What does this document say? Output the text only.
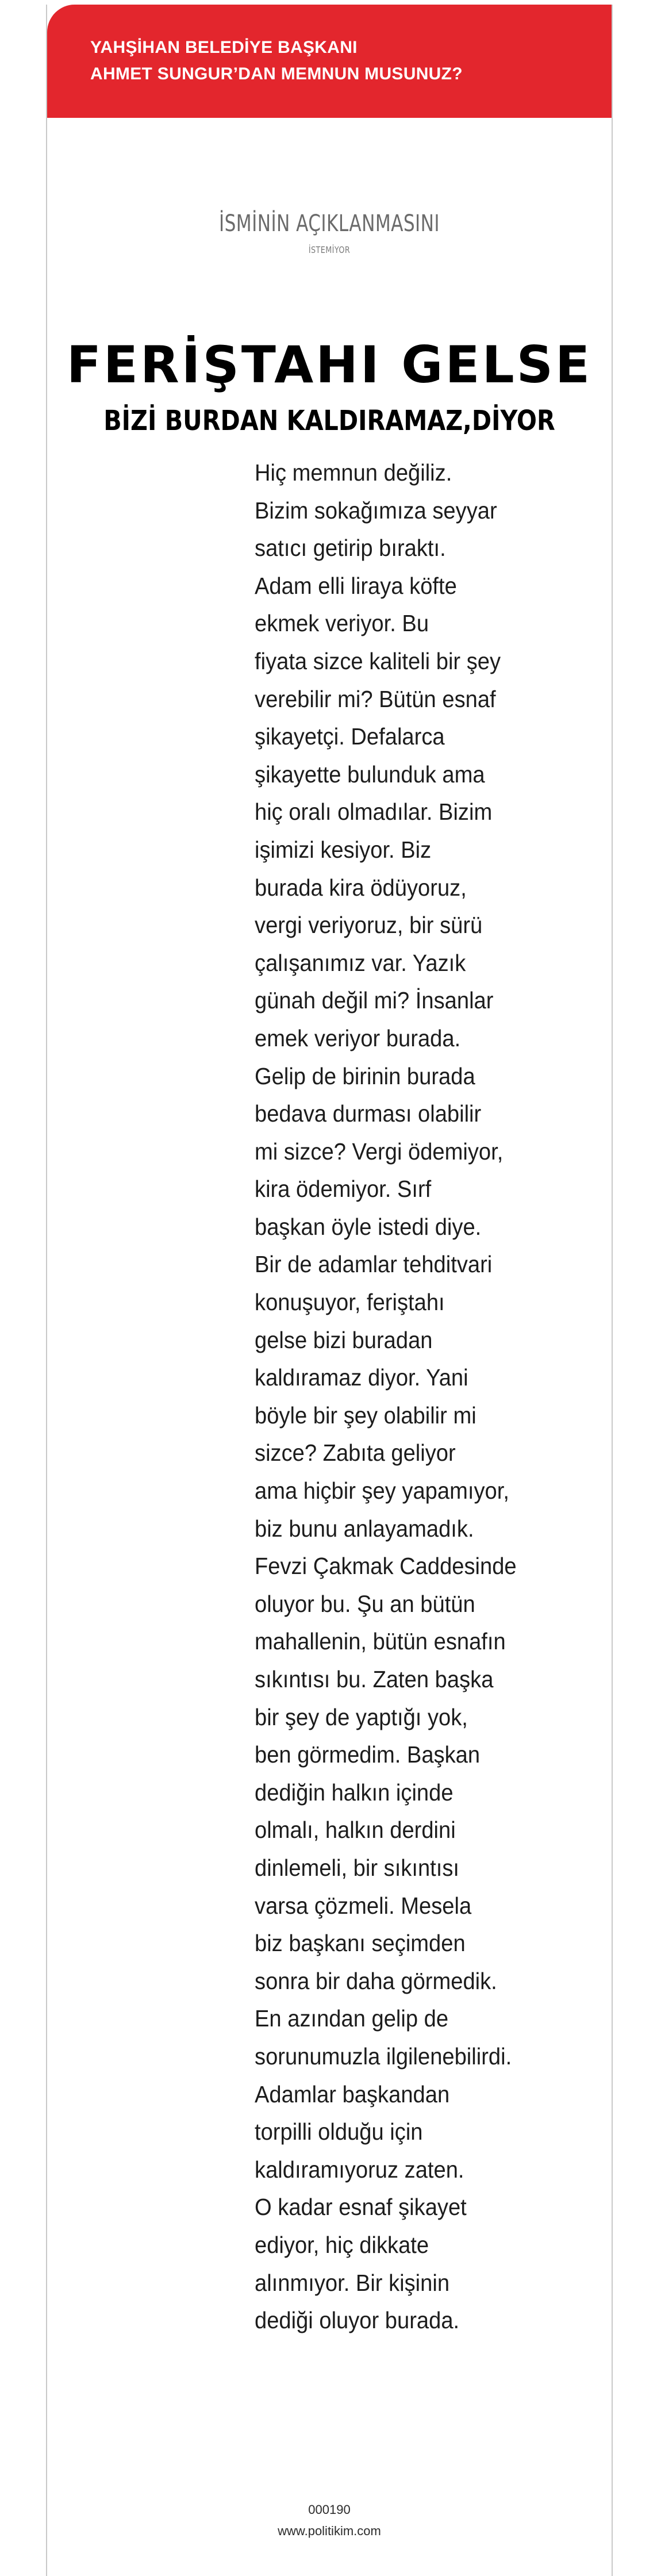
YAHŞİHAN BELEDİYE BAŞKANI
AHMET SUNGUR’DAN MEMNUN MUSUNUZ?
İSMİNİN AÇIKLANMASINI
İSTEMİYOR
FERİŞTAHI GELSE
BİZİ BURDAN KALDIRAMAZ,DİYOR
Hiç memnun değiliz.
Bizim sokağımıza seyyar
satıcı getirip bıraktı.
Adam elli liraya köfte
ekmek veriyor. Bu
fiyata sizce kaliteli bir şey
verebilir mi? Bütün esnaf
şikayetçi. Defalarca
şikayette bulunduk ama
hiç oralı olmadılar. Bizim
işimizi kesiyor. Biz
burada kira ödüyoruz,
vergi veriyoruz, bir sürü
çalışanımız var. Yazık
günah değil mi? İnsanlar
emek veriyor burada.
Gelip de birinin burada
bedava durması olabilir
mi sizce? Vergi ödemiyor,
kira ödemiyor. Sırf
başkan öyle istedi diye.
Bir de adamlar tehditvari
konuşuyor, feriştahı
gelse bizi buradan
kaldıramaz diyor. Yani
böyle bir şey olabilir mi
sizce? Zabıta geliyor
ama hiçbir şey yapamıyor,
biz bunu anlayamadık.
Fevzi Çakmak Caddesinde
oluyor bu. Şu an bütün
mahallenin, bütün esnafın
sıkıntısı bu. Zaten başka
bir şey de yaptığı yok,
ben görmedim. Başkan
dediğin halkın içinde
olmalı, halkın derdini
dinlemeli, bir sıkıntısı
varsa çözmeli. Mesela
biz başkanı seçimden
sonra bir daha görmedik.
En azından gelip de
sorunumuzla ilgilenebilirdi.
Adamlar başkandan
torpilli olduğu için
kaldıramıyoruz zaten.
O kadar esnaf şikayet
ediyor, hiç dikkate
alınmıyor. Bir kişinin
dediği oluyor burada.
000190
www.politikim.com
